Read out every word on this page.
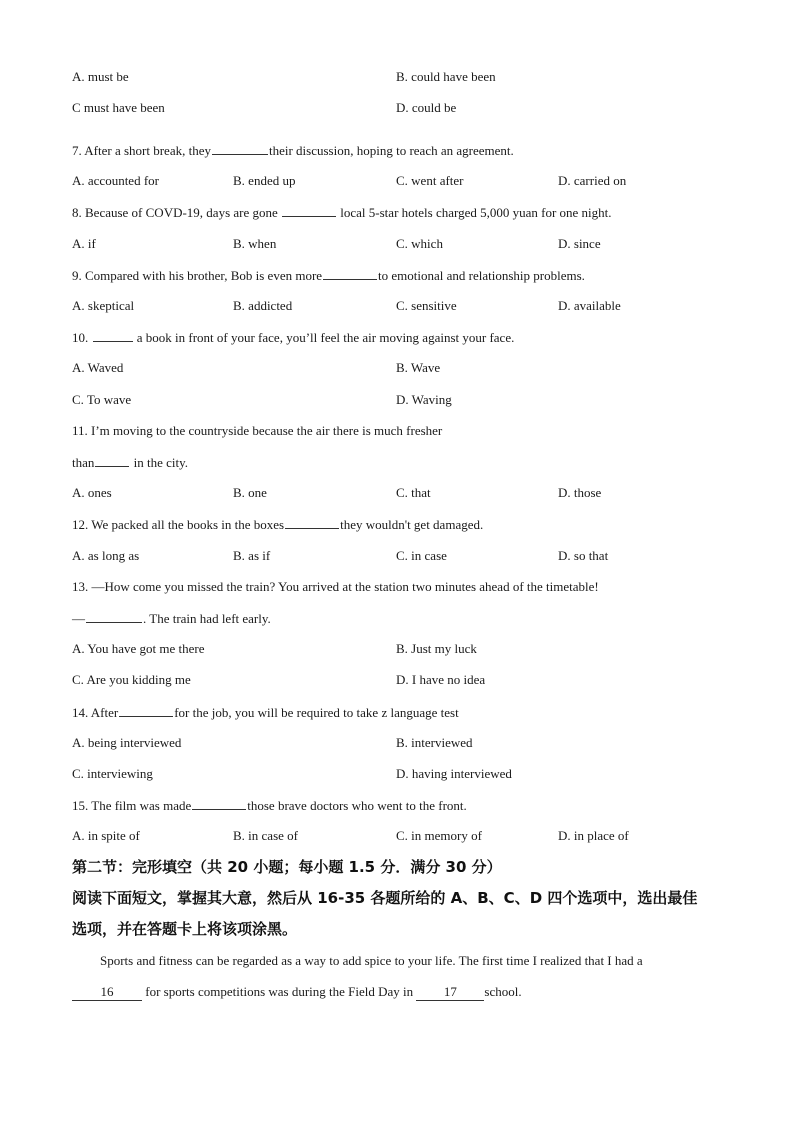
A. must be	B. could have been
C must have been	D. could be
7. After a short break, they	their discussion, hoping to reach an agreement.
A. accounted for	B. ended up	C. went after	D. carried on
8. Because of COVD-19, days are gone	local 5-star hotels charged 5,000 yuan for one night.
A. if	B. when	C. which	D. since
9. Compared with his brother, Bob is even more	to emotional and relationship problems.
A. skeptical	B. addicted	C. sensitive	D. available
10.	a book in front of your face, you’ll feel the air moving against your face.
A. Waved	B. Wave
C. To wave	D. Waving
11. I’m moving to the countryside because the air there is much fresher
than	in the city.
A. ones	B. one	C. that	D. those
12. We packed all the books in the boxes	they wouldn't get damaged.
A. as long as	B. as if	C. in case	D. so that
13. —How come you missed the train? You arrived at the station two minutes ahead of the timetable!
—	. The train had left early.
A. You have got me there	B. Just my luck
C. Are you kidding me	D. I have no idea
14. After	for the job, you will be required to take z language test
A. being interviewed	B. interviewed
C. interviewing	D. having interviewed
15. The film was made	those brave doctors who went to the front.
A. in spite of	B. in case of	C. in memory of	D. in place of
第二节：完形填空（共 20 小题；每小题 1.5 分．满分 30 分）
阅读下面短文，掌握其大意，然后从 16-35 各题所给的 A、B、C、D 四个选项中，选出最佳
选项，并在答题卡上将该项涂黑。
Sports and fitness can be regarded as a way to add spice to your life. The first time I realized that I had a
16 for sports competitions was during the Field Day in 17 school.
